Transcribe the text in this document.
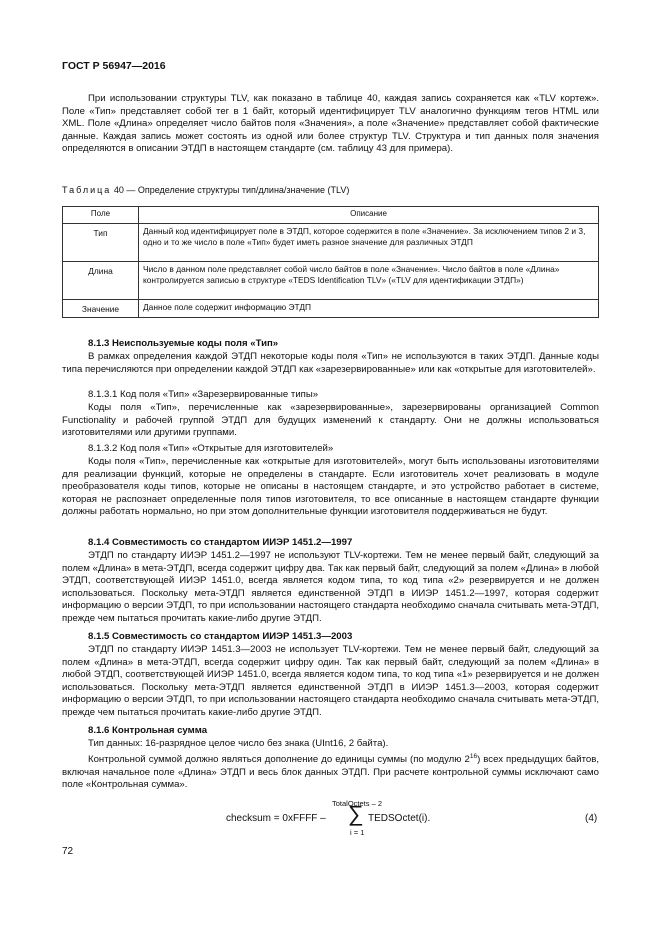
ГОСТ Р 56947—2016

При использовании структуры TLV, как показано в таблице 40, каждая запись сохраняется как «TLV кортеж». Поле «Тип» представляет собой тег в 1 байт, который идентифицирует TLV аналогично функциям тегов HTML или XML. Поле «Длина» определяет число байтов поля «Значения», а поле «Значение» представляет собой фактические данные. Каждая запись может состоять из одной или более структур TLV. Структура и тип данных поля значения определяются в описании ЭТДП в настоящем стандарте (см. таблицу 43 для примера).

Таблица 40 — Определение структуры тип/длина/значение (TLV)
Поле	Описание
Тип	Данный код идентифицирует поле в ЭТДП, которое содержится в поле «Значение». За исключением типов 2 и 3, одно и то же число в поле «Тип» будет иметь разное значение для различных ЭТДП
Длина	Число в данном поле представляет собой число байтов в поле «Значение». Число байтов в поле «Длина» контролируется записью в структуре «TEDS Identification TLV» («TLV для идентификации ЭТДП»)
Значение	Данное поле содержит информацию ЭТДП
8.1.3 Неиспользуемые коды поля «Тип»

В рамках определения каждой ЭТДП некоторые коды поля «Тип» не используются в таких ЭТДП. Данные коды типа перечисляются при определении каждой ЭТДП как «зарезервированные» или как «открытые для изготовителей».

8.1.3.1 Код поля «Тип» «Зарезервированные типы»

Коды поля «Тип», перечисленные как «зарезервированные», зарезервированы организацией Common Functionality и рабочей группой ЭТДП для будущих изменений к стандарту. Они не должны использоваться изготовителями или другими группами.

8.1.3.2 Код поля «Тип» «Открытые для изготовителей»

Коды поля «Тип», перечисленные как «открытые для изготовителей», могут быть использованы изготовителями для реализации функций, которые не определены в стандарте. Если изготовитель хочет реализовать в модуле преобразователя коды типов, которые не описаны в настоящем стандарте, и это устройство работает в системе, которая не распознает определенные поля типов изготовителя, то все описанные в настоящем стандарте функции должны работать нормально, но при этом дополнительные функции изготовителя поддерживаться не будут.

8.1.4 Совместимость со стандартом ИИЭР 1451.2—1997

ЭТДП по стандарту ИИЭР 1451.2—1997 не используют TLV-кортежи. Тем не менее первый байт, следующий за полем «Длина» в мета-ЭТДП, всегда содержит цифру два. Так как первый байт, следующий за полем «Длина» в любой ЭТДП, соответствующей ИИЭР 1451.0, всегда является кодом типа, то код типа «2» резервируется и не должен использоваться. Поскольку мета-ЭТДП является единственной ЭТДП в ИИЭР 1451.2—1997, которая содержит информацию о версии ЭТДП, то при использовании настоящего стандарта необходимо сначала считывать мета-ЭТДП, прежде чем пытаться прочитать какие-либо другие ЭТДП.

8.1.5 Совместимость со стандартом ИИЭР 1451.3—2003

ЭТДП по стандарту ИИЭР 1451.3—2003 не использует TLV-кортежи. Тем не менее первый байт, следующий за полем «Длина» в мета-ЭТДП, всегда содержит цифру один. Так как первый байт, следующий за полем «Длина» в любой ЭТДП, соответствующей ИИЭР 1451.0, всегда является кодом типа, то код типа «1» резервируется и не должен использоваться. Поскольку мета-ЭТДП является единственной ЭТДП в ИИЭР 1451.3—2003, которая содержит информацию о версии ЭТДП, то при использовании настоящего стандарта необходимо сначала считывать мета-ЭТДП, прежде чем пытаться прочитать какие-либо другие ЭТДП.

8.1.6 Контрольная сумма

Тип данных: 16-разрядное целое число без знака (UInt16, 2 байта).

Контрольной суммой должно являться дополнение до единицы суммы (по модулю $2^{16}$) всех предыдущих байтов, включая начальное поле «Длина» ЭТДП и весь блок данных ЭТДП. При расчете контрольной суммы исключают само поле «Контрольная сумма».

checksum = 0xFFFF –
TotalOctets – 2
∑
i = 1
TEDSOctet(i).	(4)
72
